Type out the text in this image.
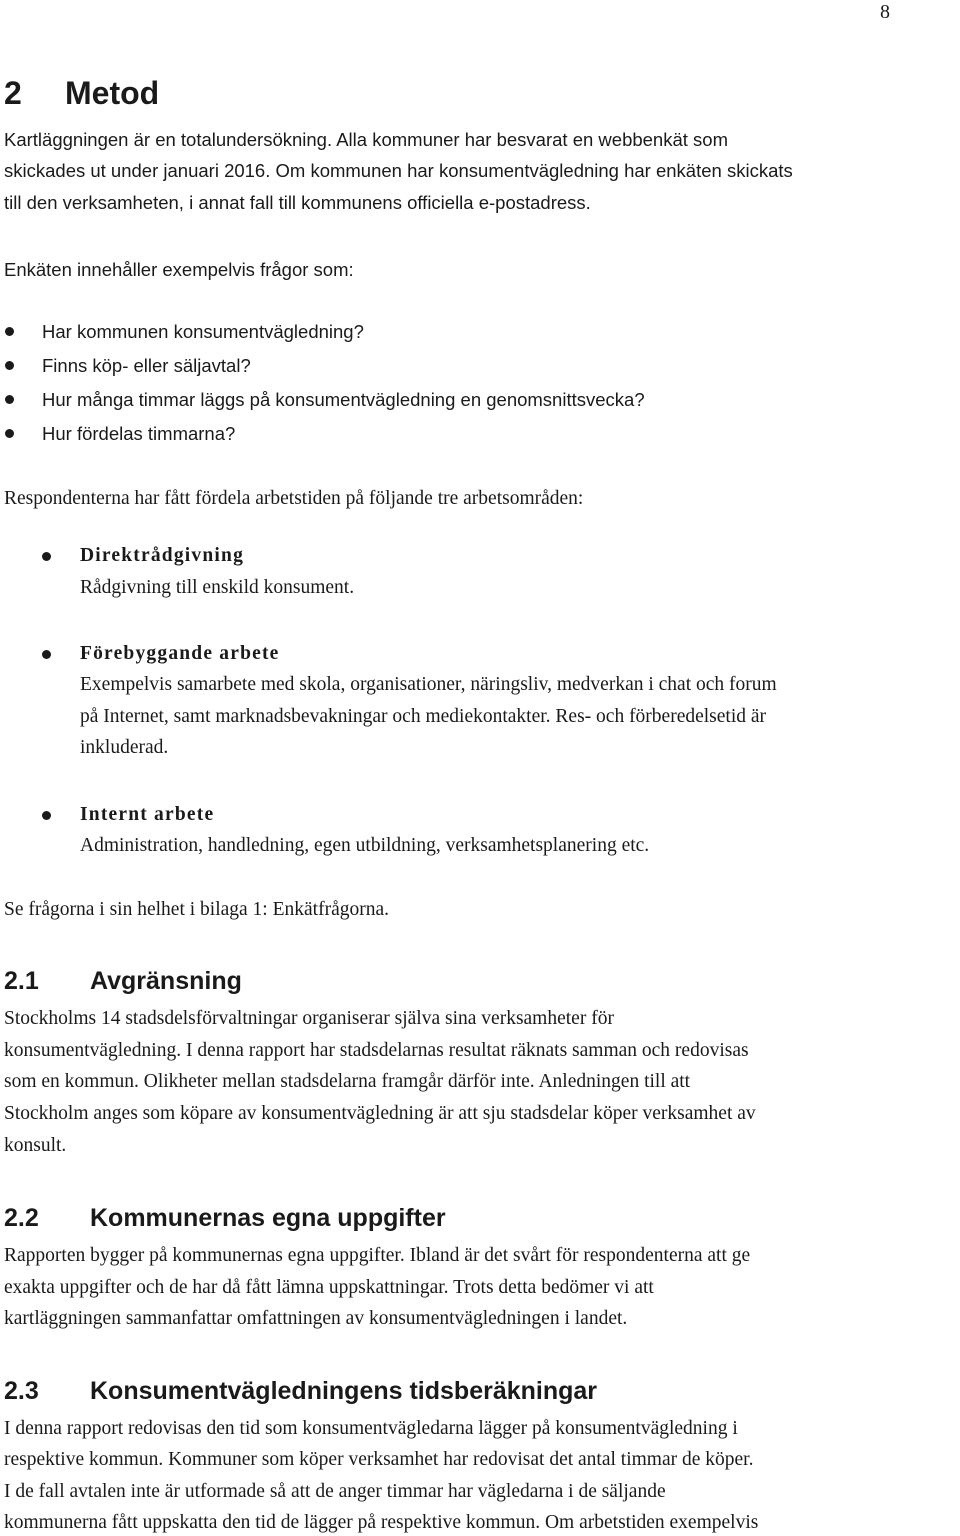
8
2 Metod
Kartläggningen är en totalundersökning. Alla kommuner har besvarat en webbenkät som
skickades ut under januari 2016. Om kommunen har konsumentvägledning har enkäten skickats
till den verksamheten, i annat fall till kommunens officiella e-postadress.
Enkäten innehåller exempelvis frågor som:
Har kommunen konsumentvägledning?
Finns köp- eller säljavtal?
Hur många timmar läggs på konsumentvägledning en genomsnittsvecka?
Hur fördelas timmarna?
Respondenterna har fått fördela arbetstiden på följande tre arbetsområden:
Direktrådgivning
Rådgivning till enskild konsument.
Förebyggande arbete
Exempelvis samarbete med skola, organisationer, näringsliv, medverkan i chat och forum
på Internet, samt marknadsbevakningar och mediekontakter. Res- och förberedelsetid är
inkluderad.
Internt arbete
Administration, handledning, egen utbildning, verksamhetsplanering etc.
Se frågorna i sin helhet i bilaga 1: Enkätfrågorna.
2.1 Avgränsning
Stockholms 14 stadsdelsförvaltningar organiserar själva sina verksamheter för
konsumentvägledning. I denna rapport har stadsdelarnas resultat räknats samman och redovisas
som en kommun. Olikheter mellan stadsdelarna framgår därför inte. Anledningen till att
Stockholm anges som köpare av konsumentvägledning är att sju stadsdelar köper verksamhet av
konsult.
2.2 Kommunernas egna uppgifter
Rapporten bygger på kommunernas egna uppgifter. Ibland är det svårt för respondenterna att ge
exakta uppgifter och de har då fått lämna uppskattningar. Trots detta bedömer vi att
kartläggningen sammanfattar omfattningen av konsumentvägledningen i landet.
2.3 Konsumentvägledningens tidsberäkningar
I denna rapport redovisas den tid som konsumentvägledarna lägger på konsumentvägledning i
respektive kommun. Kommuner som köper verksamhet har redovisat det antal timmar de köper.
I de fall avtalen inte är utformade så att de anger timmar har vägledarna i de säljande
kommunerna fått uppskatta den tid de lägger på respektive kommun. Om arbetstiden exempelvis
